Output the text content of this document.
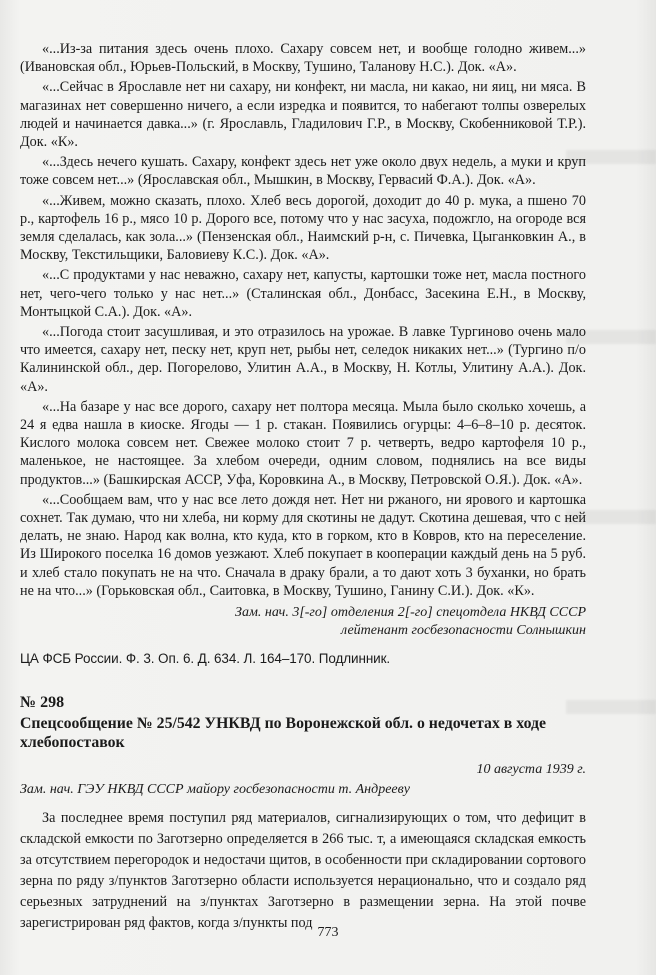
«...Из-за питания здесь очень плохо. Сахару совсем нет, и вообще голодно живем...» (Ивановская обл., Юрьев-Польский, в Москву, Тушино, Таланову Н.С.). Док. «А».

«...Сейчас в Ярославле нет ни сахару, ни конфект, ни масла, ни какао, ни яиц, ни мяса. В магазинах нет совершенно ничего, а если изредка и появится, то набегают толпы озверелых людей и начинается давка...» (г. Ярославль, Гладилович Г.Р., в Москву, Скобенниковой Т.Р.). Док. «К».

«...Здесь нечего кушать. Сахару, конфект здесь нет уже около двух недель, а муки и круп тоже совсем нет...» (Ярославская обл., Мышкин, в Москву, Гервасий Ф.А.). Док. «А».

«...Живем, можно сказать, плохо. Хлеб весь дорогой, доходит до 40 р. мука, а пшено 70 р., картофель 16 р., мясо 10 р. Дорого все, потому что у нас засуха, подожгло, на огороде вся земля сделалась, как зола...» (Пензенская обл., Наимский р-н, с. Пичевка, Цыганковкин А., в Москву, Текстильщики, Баловиеву К.С.). Док. «А».

«...С продуктами у нас неважно, сахару нет, капусты, картошки тоже нет, масла постного нет, чего-чего только у нас нет...» (Сталинская обл., Донбасс, Засекина Е.Н., в Москву, Монтыцкой С.А.). Док. «А».

«...Погода стоит засушливая, и это отразилось на урожае. В лавке Тургиново очень мало что имеется, сахару нет, песку нет, круп нет, рыбы нет, селедок никаких нет...» (Тургино п/о Калининской обл., дер. Погорелово, Улитин А.А., в Москву, Н. Котлы, Улитину А.А.). Док. «А».

«...На базаре у нас все дорого, сахару нет полтора месяца. Мыла было сколько хочешь, а 24 я едва нашла в киоске. Ягоды — 1 р. стакан. Появились огурцы: 4–6–8–10 р. десяток. Кислого молока совсем нет. Свежее молоко стоит 7 р. четверть, ведро картофеля 10 р., маленькое, не настоящее. За хлебом очереди, одним словом, поднялись на все виды продуктов...» (Башкирская АССР, Уфа, Коровкина А., в Москву, Петровской О.Я.). Док. «А».

«...Сообщаем вам, что у нас все лето дождя нет. Нет ни ржаного, ни ярового и картошка сохнет. Так думаю, что ни хлеба, ни корму для скотины не дадут. Скотина дешевая, что с ней делать, не знаю. Народ как волна, кто куда, кто в горком, кто в Ковров, кто на переселение. Из Широкого поселка 16 домов уезжают. Хлеб покупает в кооперации каждый день на 5 руб. и хлеб стало покупать не на что. Сначала в драку брали, а то дают хоть 3 буханки, но брать не на что...» (Горьковская обл., Саитовка, в Москву, Тушино, Ганину С.И.). Док. «К».

Зам. нач. 3[-го] отделения 2[-го] спецотдела НКВД СССР
лейтенант госбезопасности Солнышкин
ЦА ФСБ России. Ф. 3. Оп. 6. Д. 634. Л. 164–170. Подлинник.
№ 298
Спецсообщение № 25/542 УНКВД по Воронежской обл. о недочетах в ходе хлебопоставок
10 августа 1939 г.
Зам. нач. ГЭУ НКВД СССР майору госбезопасности т. Андрееву

За последнее время поступил ряд материалов, сигнализирующих о том, что дефицит в складской емкости по Заготзерно определяется в 266 тыс. т, а имеющаяся складская емкость за отсутствием перегородок и недостачи щитов, в особенности при складировании сортового зерна по ряду з/пунктов Заготзерно области используется нерационально, что и создало ряд серьезных затруднений на з/пунктах Заготзерно в размещении зерна. На этой почве зарегистрирован ряд фактов, когда з/пункты под

773
